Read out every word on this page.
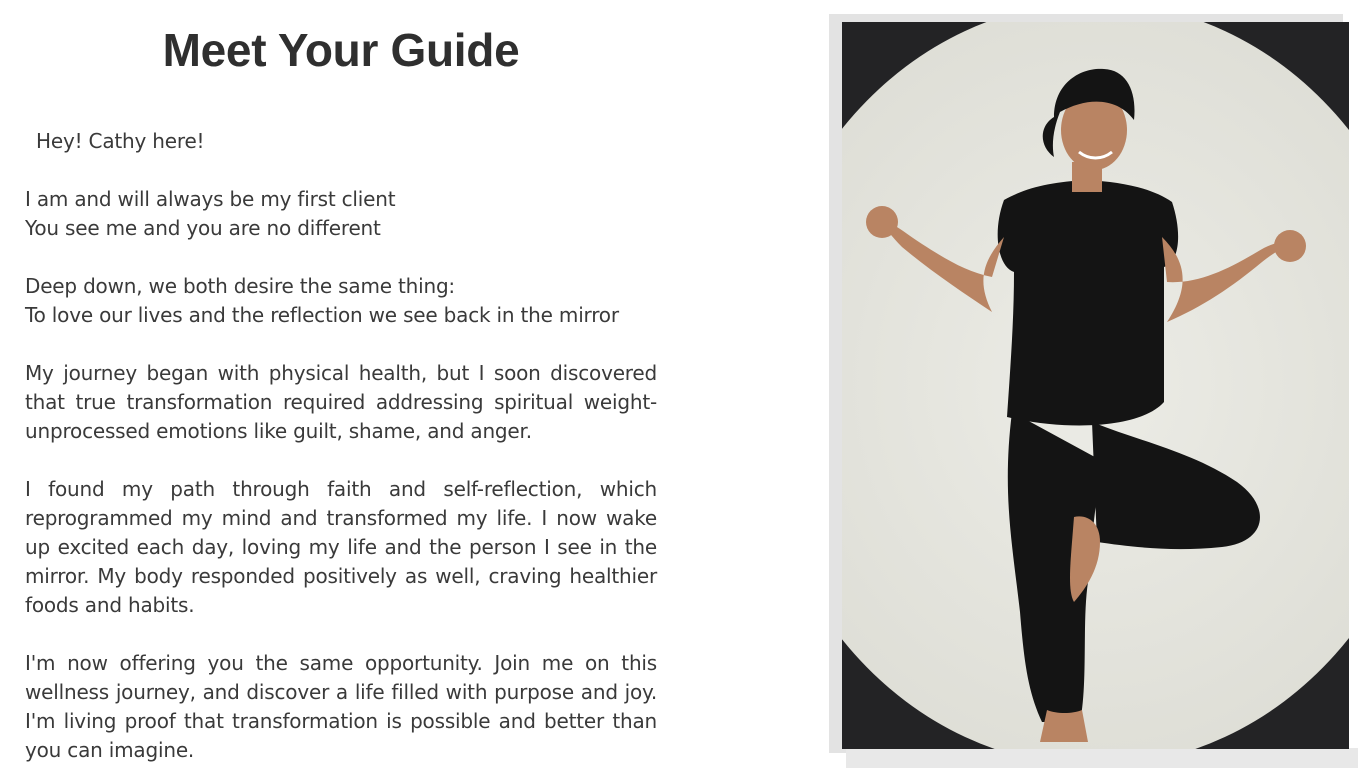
Meet Your Guide

Hey! Cathy here!

I am and will always be my first client
You see me and you are no different

Deep down, we both desire the same thing:
To love our lives and the reflection we see back in the mirror

My journey began with physical health, but I soon discovered that true transformation required addressing spiritual weight-unprocessed emotions like guilt, shame, and anger.

I found my path through faith and self-reflection, which reprogrammed my mind and transformed my life. I now wake up excited each day, loving my life and the person I see in the mirror. My body responded positively as well, craving healthier foods and habits.

I'm now offering you the same opportunity. Join me on this wellness journey, and discover a life filled with purpose and joy. I'm living proof that transformation is possible and better than you can imagine.
